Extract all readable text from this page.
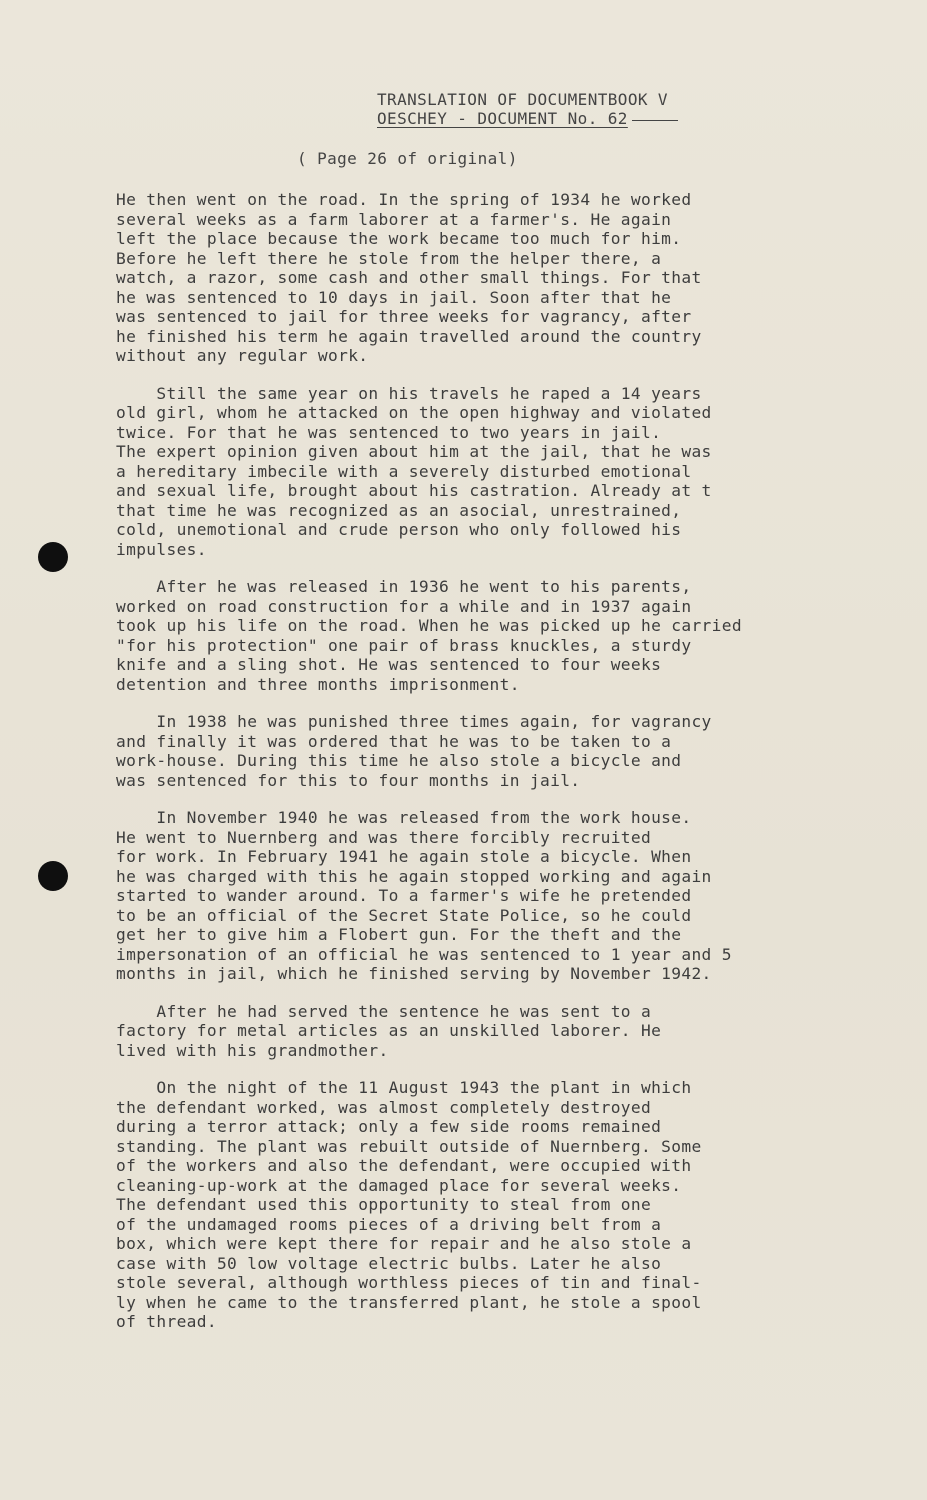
TRANSLATION OF DOCUMENTBOOK V
OESCHEY - DOCUMENT No. 62
( Page 26 of original)

He then went on the road. In the spring of 1934 he worked
several weeks as a farm laborer at a farmer's. He again
left the place because the work became too much for him.
Before he left there he stole from the helper there, a
watch, a razor, some cash and other small things. For that
he was sentenced to 10 days in jail. Soon after that he
was sentenced to jail for three weeks for vagrancy, after
he finished his term he again travelled around the country
without any regular work.

Still the same year on his travels he raped a 14 years
old girl, whom he attacked on the open highway and violated
twice. For that he was sentenced to two years in jail.
The expert opinion given about him at the jail, that he was
a hereditary imbecile with a severely disturbed emotional
and sexual life, brought about his castration. Already at t
that time he was recognized as an asocial, unrestrained,
cold, unemotional and crude person who only followed his
impulses.

After he was released in 1936 he went to his parents,
worked on road construction for a while and in 1937 again
took up his life on the road. When he was picked up he carried
"for his protection" one pair of brass knuckles, a sturdy
knife and a sling shot. He was sentenced to four weeks
detention and three months imprisonment.

In 1938 he was punished three times again, for vagrancy
and finally it was ordered that he was to be taken to a
work-house. During this time he also stole a bicycle and
was sentenced for this to four months in jail.

In November 1940 he was released from the work house.
He went to Nuernberg and was there forcibly recruited
for work. In February 1941 he again stole a bicycle. When
he was charged with this he again stopped working and again
started to wander around. To a farmer's wife he pretended
to be an official of the Secret State Police, so he could
get her to give him a Flobert gun. For the theft and the
impersonation of an official he was sentenced to 1 year and 5
months in jail, which he finished serving by November 1942.

After he had served the sentence he was sent to a
factory for metal articles as an unskilled laborer. He
lived with his grandmother.

On the night of the 11 August 1943 the plant in which
the defendant worked, was almost completely destroyed
during a terror attack; only a few side rooms remained
standing. The plant was rebuilt outside of Nuernberg. Some
of the workers and also the defendant, were occupied with
cleaning-up-work at the damaged place for several weeks.
The defendant used this opportunity to steal from one
of the undamaged rooms pieces of a driving belt from a
box, which were kept there for repair and he also stole a
case with 50 low voltage electric bulbs. Later he also
stole several, although worthless pieces of tin and final-
ly when he came to the transferred plant, he stole a spool
of thread.
